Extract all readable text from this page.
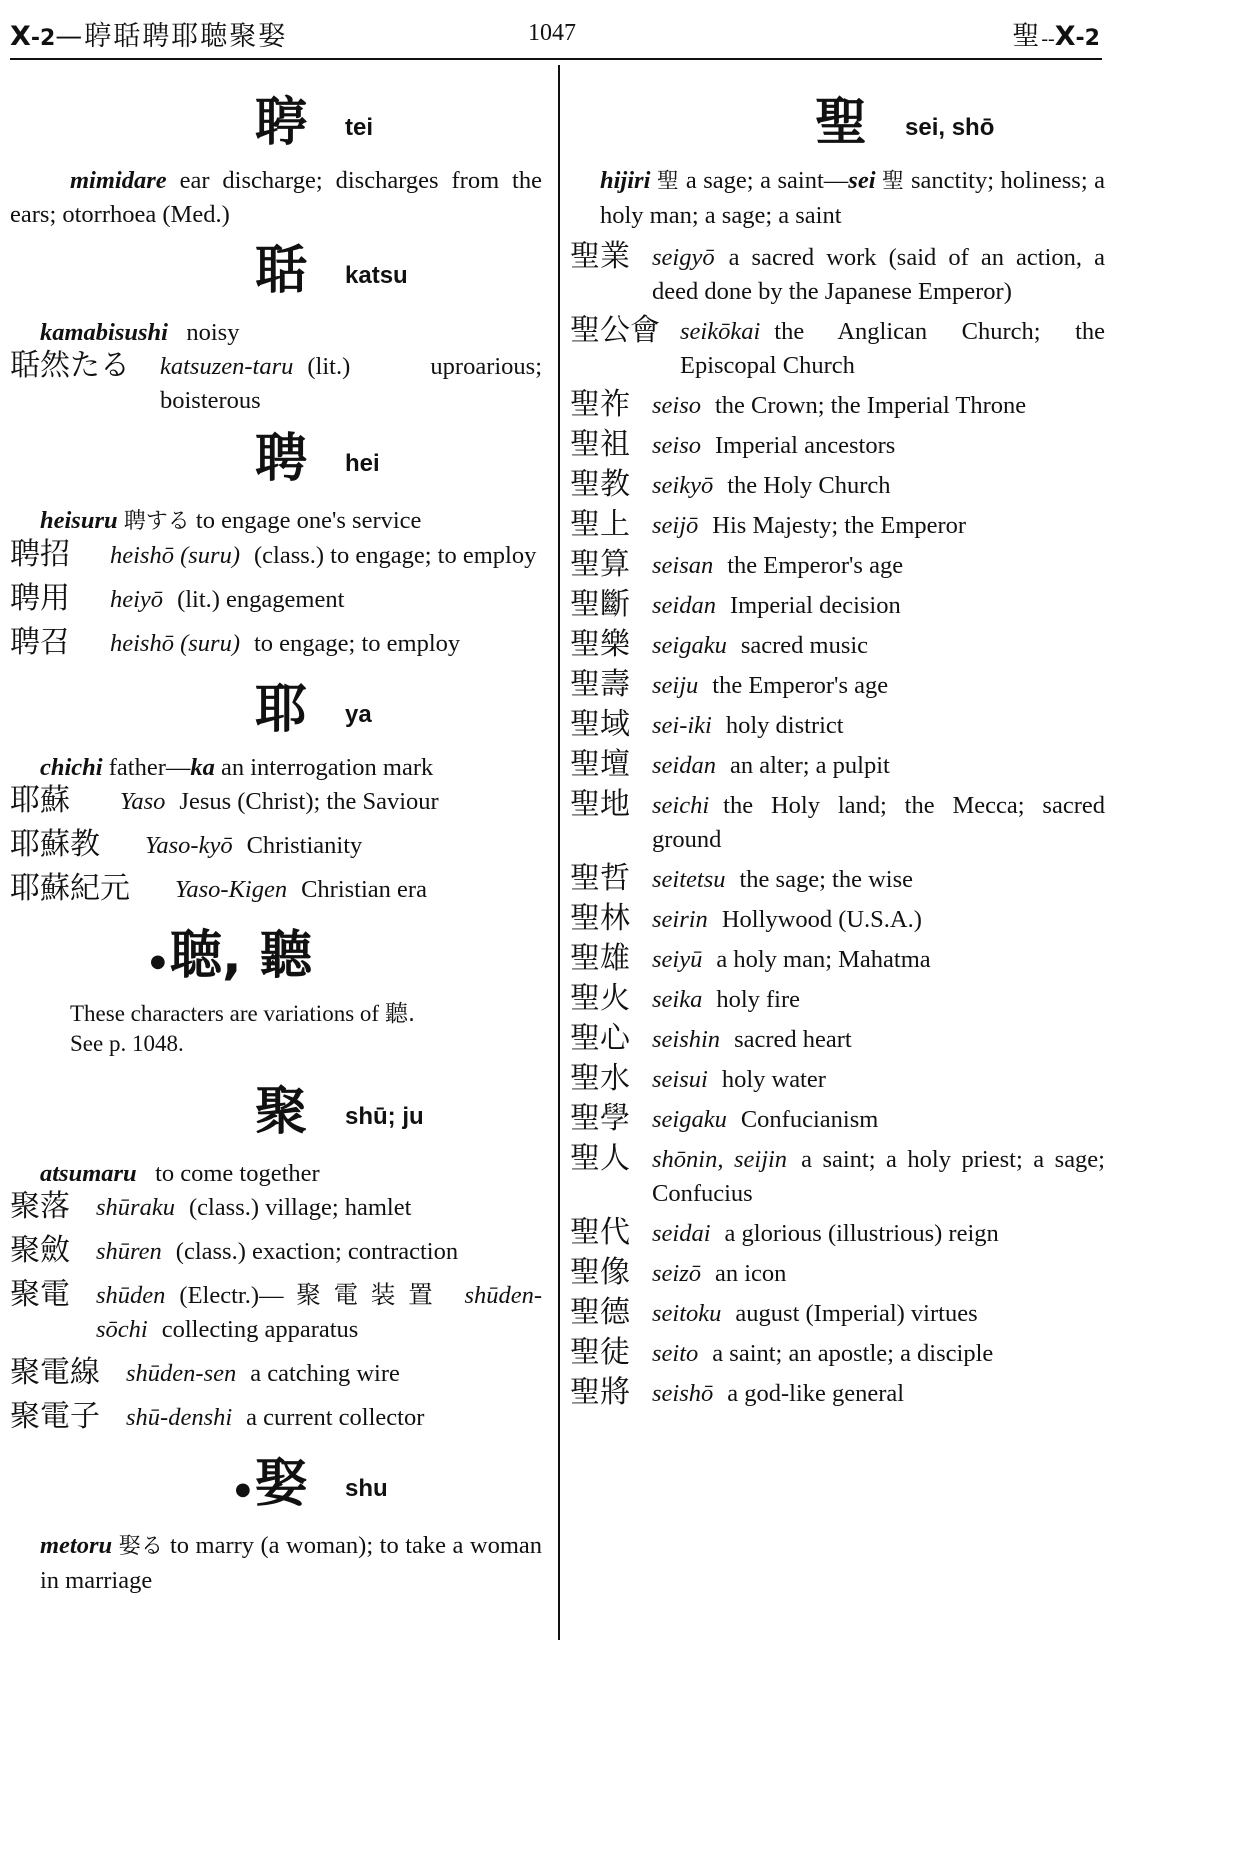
X-2—聤聒聘耶聴聚娶	1047	聖--X-2
聤 tei
mimidare ear discharge; discharges from the ears; otorrhoea (Med.)
聒 katsu
kamabisushi noisy
聒然たる katsuzen-taru (lit.) uproarious; boisterous
聘 hei
heisuru 聘する to engage one's service
聘招 heishō (suru) (class.) to engage; to employ
聘用 heiyō (lit.) engagement
聘召 heishō (suru) to engage; to employ
耶 ya
chichi father—ka an interrogation mark
耶蘇 Yaso Jesus (Christ); the Saviour
耶蘇教 Yaso-kyō Christianity
耶蘇紀元 Yaso-Kigen Christian era
● 聴, 聽
These characters are variations of 聽.
See p. 1048.
聚 shū; ju
atsumaru to come together
聚落 shūraku (class.) village; hamlet
聚斂 shūren (class.) exaction; contraction
聚電 shūden (Electr.)—聚電装置 shūden-sōchi collecting apparatus
聚電線 shūden-sen a catching wire
聚電子 shū-denshi a current collector
● 娶 shu
metoru 娶る to marry (a woman); to take a woman in marriage
聖 sei, shō
hijiri 聖 a sage; a saint—sei 聖 sanctity; holiness; a holy man; a sage; a saint
聖業 seigyō a sacred work (said of an action, a deed done by the Japanese Emperor)
聖公會 seikōkai the Anglican Church; the Episcopal Church
聖祚 seiso the Crown; the Imperial Throne
聖祖 seiso Imperial ancestors
聖教 seikyō the Holy Church
聖上 seijō His Majesty; the Emperor
聖算 seisan the Emperor's age
聖斷 seidan Imperial decision
聖樂 seigaku sacred music
聖壽 seiju the Emperor's age
聖域 sei-iki holy district
聖壇 seidan an alter; a pulpit
聖地 seichi the Holy land; the Mecca; sacred ground
聖哲 seitetsu the sage; the wise
聖林 seirin Hollywood (U.S.A.)
聖雄 seiyū a holy man; Mahatma
聖火 seika holy fire
聖心 seishin sacred heart
聖水 seisui holy water
聖學 seigaku Confucianism
聖人 shōnin, seijin a saint; a holy priest; a sage; Confucius
聖代 seidai a glorious (illustrious) reign
聖像 seizō an icon
聖德 seitoku august (Imperial) virtues
聖徒 seito a saint; an apostle; a disciple
聖將 seishō a god-like general
